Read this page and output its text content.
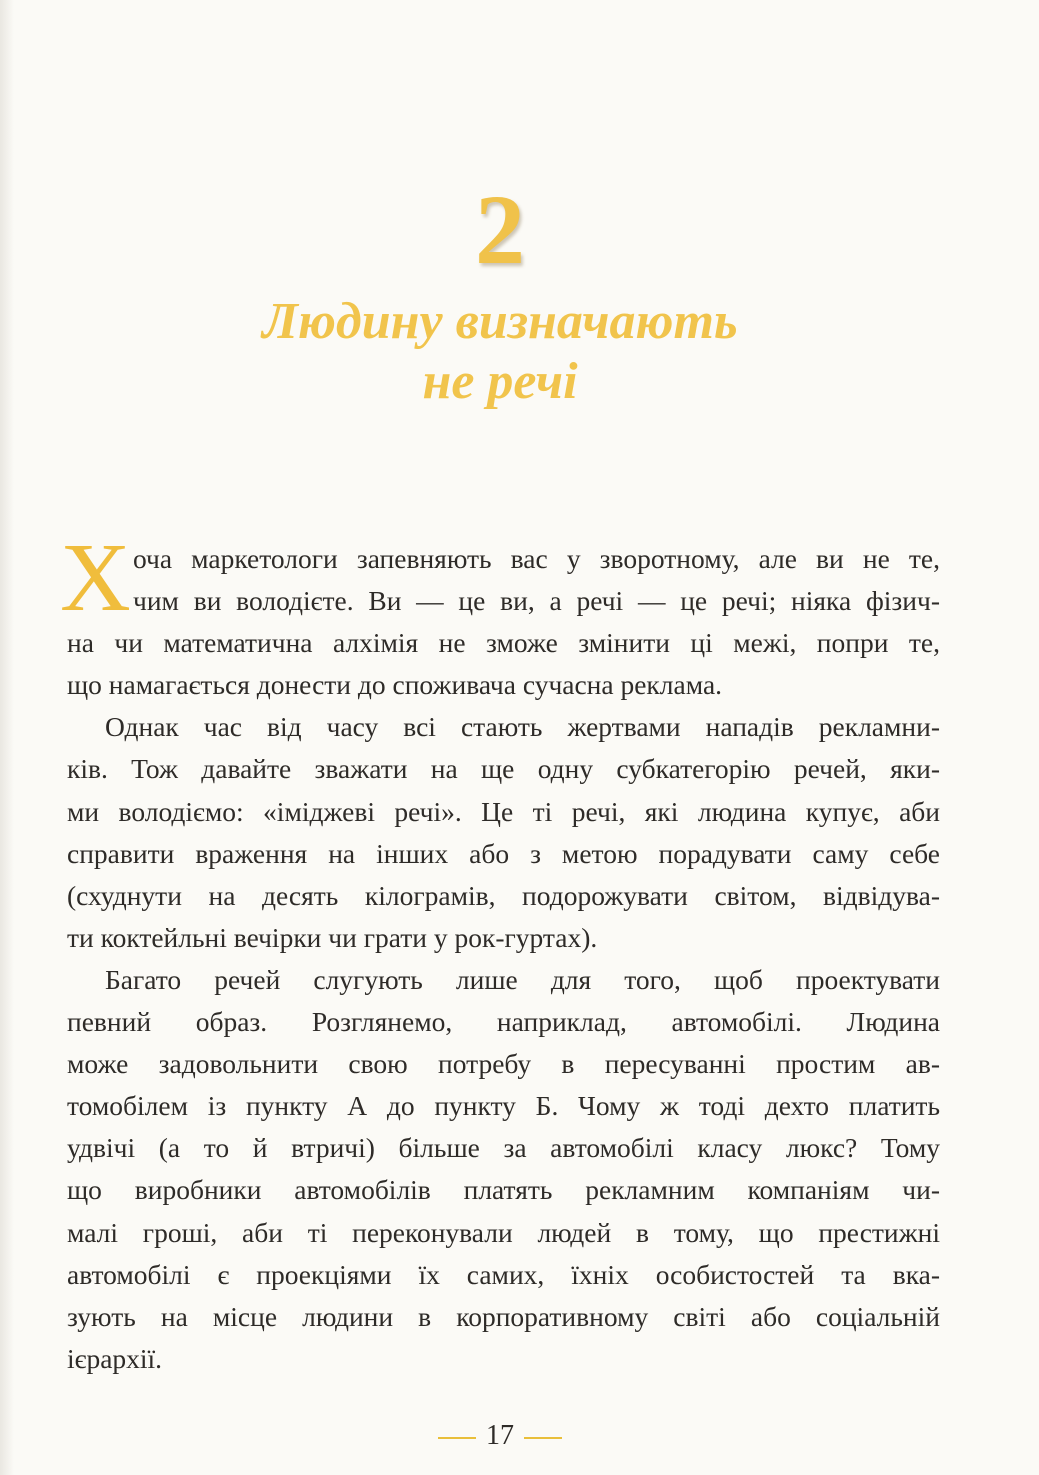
2
Людину визначають
не речі
Х оча маркетологи запевняють вас у зворотному, але ви не те,
чим ви володієте. Ви — це ви, а речі — це речі; ніяка фізич-
на чи математична алхімія не зможе змінити ці межі, попри те,
що намагається донести до споживача сучасна реклама.
Однак час від часу всі стають жертвами нападів рекламни-
ків. Тож давайте зважати на ще одну субкатегорію речей, яки-
ми володіємо: «іміджеві речі». Це ті речі, які людина купує, аби
справити враження на інших або з метою порадувати саму себе
(схуднути на десять кілограмів, подорожувати світом, відвідува-
ти коктейльні вечірки чи грати у рок-гуртах).
Багато речей слугують лише для того, щоб проектувати
певний образ. Розглянемо, наприклад, автомобілі. Людина
може задовольнити свою потребу в пересуванні простим ав-
томобілем із пункту А до пункту Б. Чому ж тоді дехто платить
удвічі (а то й втричі) більше за автомобілі класу люкс? Тому
що виробники автомобілів платять рекламним компаніям чи-
малі гроші, аби ті переконували людей в тому, що престижні
автомобілі є проекціями їх самих, їхніх особистостей та вка-
зують на місце людини в корпоративному світі або соціальній
ієрархії.
17
